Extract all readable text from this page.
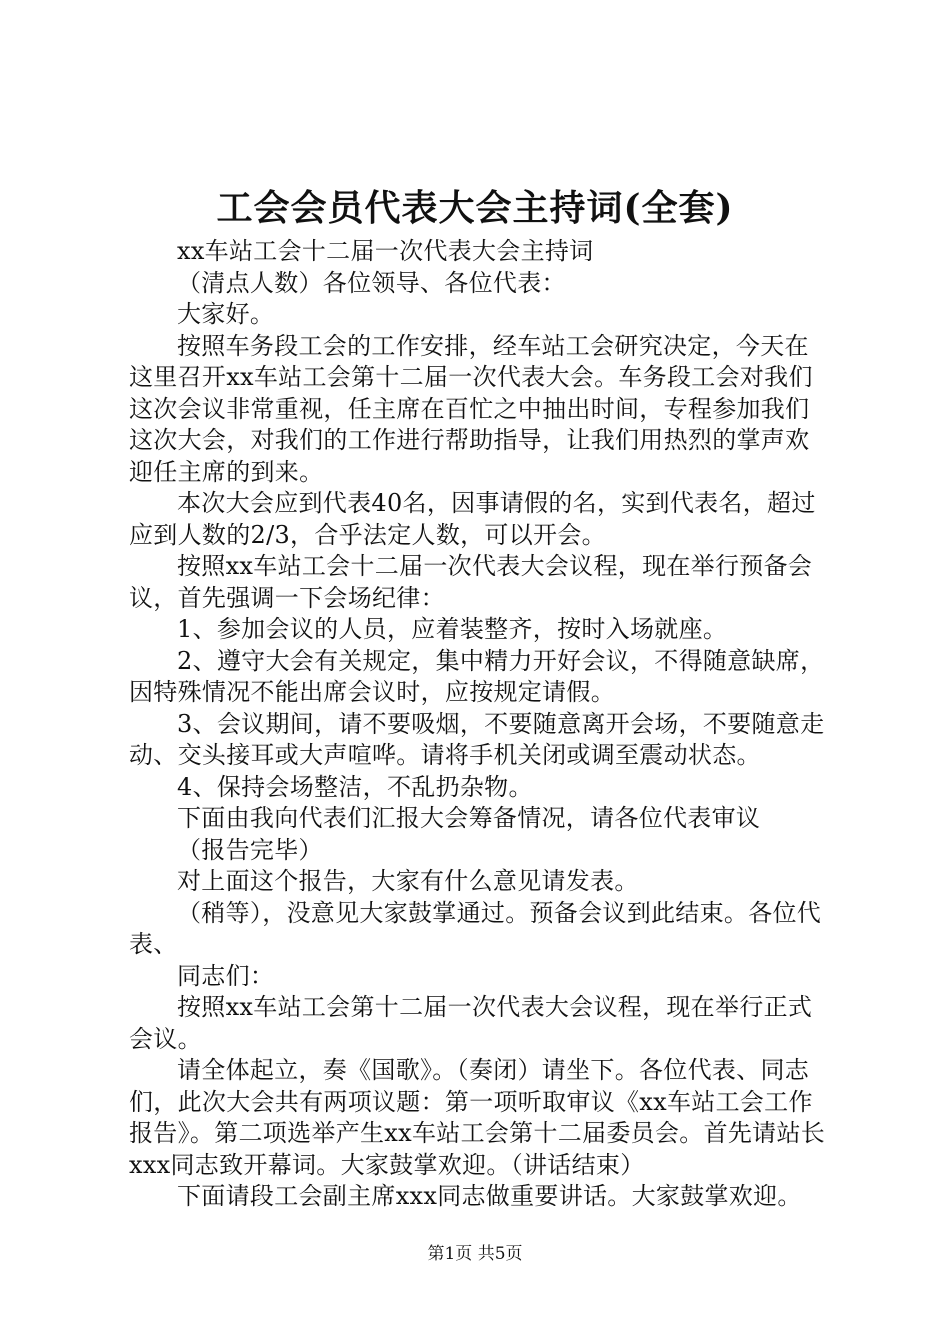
工会会员代表大会主持词(全套)

xx车站工会十二届一次代表大会主持词

（清点人数）各位领导、各位代表：

大家好。

按照车务段工会的工作安排，经车站工会研究决定，今天在这里召开xx车站工会第十二届一次代表大会。车务段工会对我们这次会议非常重视，任主席在百忙之中抽出时间，专程参加我们这次大会，对我们的工作进行帮助指导，让我们用热烈的掌声欢迎任主席的到来。

本次大会应到代表40名，因事请假的名，实到代表名，超过应到人数的2/3，合乎法定人数，可以开会。

按照xx车站工会十二届一次代表大会议程，现在举行预备会议，首先强调一下会场纪律：

1、参加会议的人员，应着装整齐，按时入场就座。

2、遵守大会有关规定，集中精力开好会议，不得随意缺席，因特殊情况不能出席会议时，应按规定请假。

3、会议期间，请不要吸烟，不要随意离开会场，不要随意走动、交头接耳或大声喧哗。请将手机关闭或调至震动状态。

4、保持会场整洁，不乱扔杂物。

下面由我向代表们汇报大会筹备情况，请各位代表审议

（报告完毕）

对上面这个报告，大家有什么意见请发表。

（稍等），没意见大家鼓掌通过。预备会议到此结束。各位代表、

同志们：

按照xx车站工会第十二届一次代表大会议程，现在举行正式会议。

请全体起立，奏《国歌》。（奏闭）请坐下。各位代表、同志们，此次大会共有两项议题：第一项听取审议《xx车站工会工作报告》。第二项选举产生xx车站工会第十二届委员会。首先请站长xxx同志致开幕词。大家鼓掌欢迎。（讲话结束）

下面请段工会副主席xxx同志做重要讲话。大家鼓掌欢迎。

第1页 共5页
